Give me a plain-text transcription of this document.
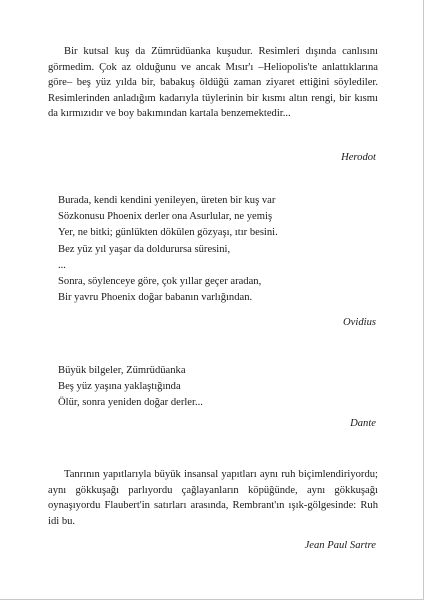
Bir kutsal kuş da Zümrüdüanka kuşudur. Resimleri dışında canlısını görmedim. Çok az olduğunu ve ancak Mısır'ı –Heliopolis'te anlattıklarına göre– beş yüz yılda bir, babakuş öldüğü zaman ziyaret ettiğini söylediler. Resimlerinden anladığım kadarıyla tüylerinin bir kısmı altın rengi, bir kısmı da kırmızıdır ve boy bakımından kartala benzemektedir...

Herodot
Burada, kendi kendini yenileyen, üreten bir kuş var
Sözkonusu Phoenix derler ona Asurlular, ne yemiş
Yer, ne bitki; günlükten dökülen gözyaşı, ıtır besini.
Bez yüz yıl yaşar da doldurursa süresini,
...
Sonra, söylenceye göre, çok yıllar geçer aradan,
Bir yavru Phoenix doğar babanın varlığından.
Ovidius
Büyük bilgeler, Zümrüdüanka
Beş yüz yaşına yaklaştığında
Ölür, sonra yeniden doğar derler...
Dante

Tanrının yapıtlarıyla büyük insansal yapıtları aynı ruh biçimlendiriyordu; aynı gökkuşağı parlıyordu çağlayanların köpüğünde, aynı gökkuşağı oynaşıyordu Flaubert'in satırları arasında, Rembrant'ın ışık-gölgesinde: Ruh idi bu.

Jean Paul Sartre
